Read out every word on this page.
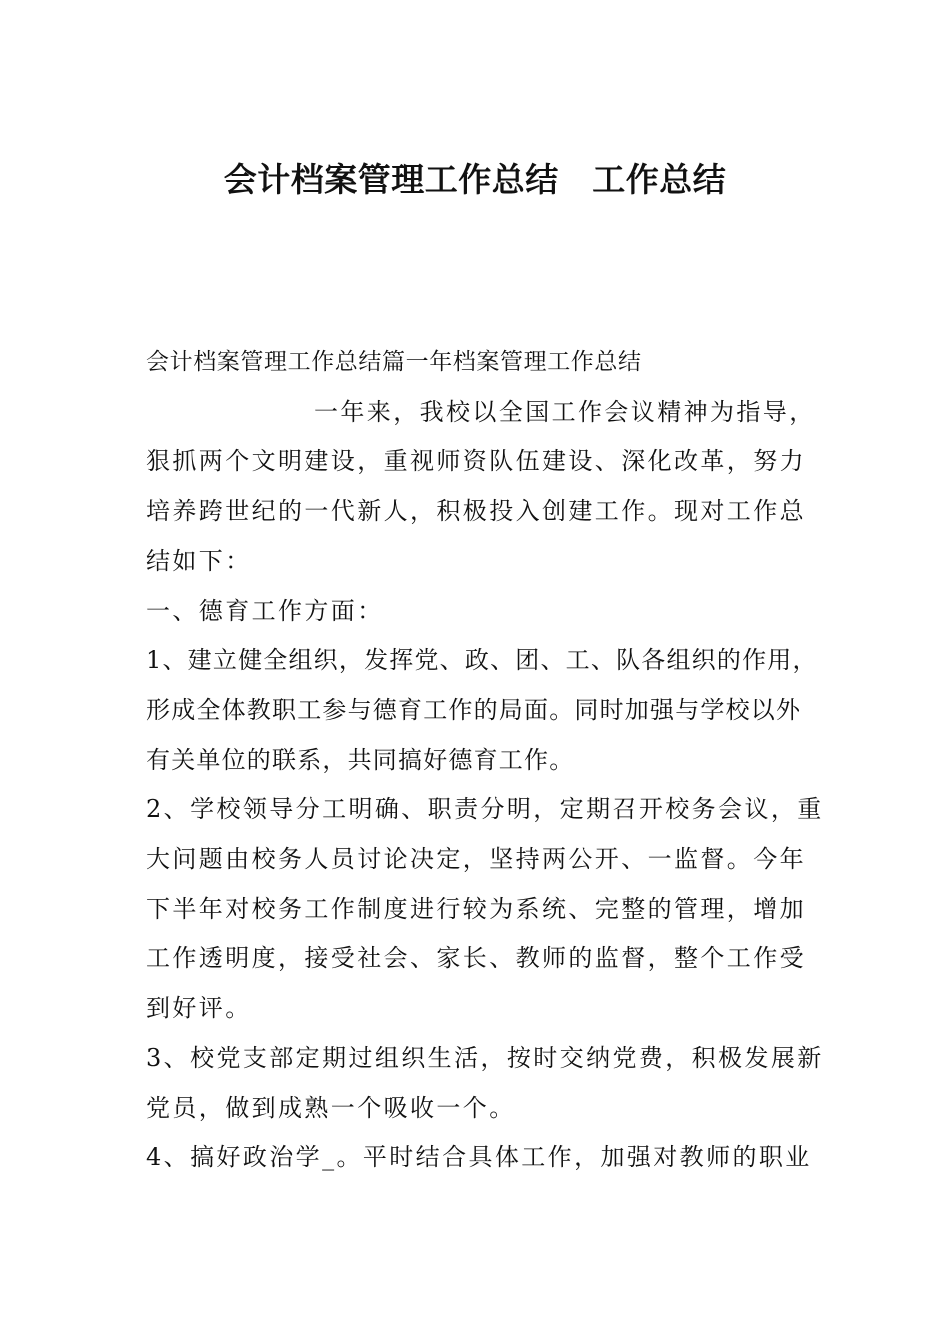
会计档案管理工作总结　工作总结

会计档案管理工作总结篇一年档案管理工作总结

一年来，我校以全国工作会议精神为指导，狠抓两个文明建设，重视师资队伍建设、深化改革，努力培养跨世纪的一代新人，积极投入创建工作。现对工作总结如下：

一、德育工作方面：

1、建立健全组织，发挥党、政、团、工、队各组织的作用，形成全体教职工参与德育工作的局面。同时加强与学校以外有关单位的联系，共同搞好德育工作。

2、学校领导分工明确、职责分明，定期召开校务会议，重大问题由校务人员讨论决定，坚持两公开、一监督。今年下半年对校务工作制度进行较为系统、完整的管理，增加工作透明度，接受社会、家长、教师的监督，整个工作受到好评。

3、校党支部定期过组织生活，按时交纳党费，积极发展新党员，做到成熟一个吸收一个。

4、搞好政治学_。平时结合具体工作，加强对教师的职业
